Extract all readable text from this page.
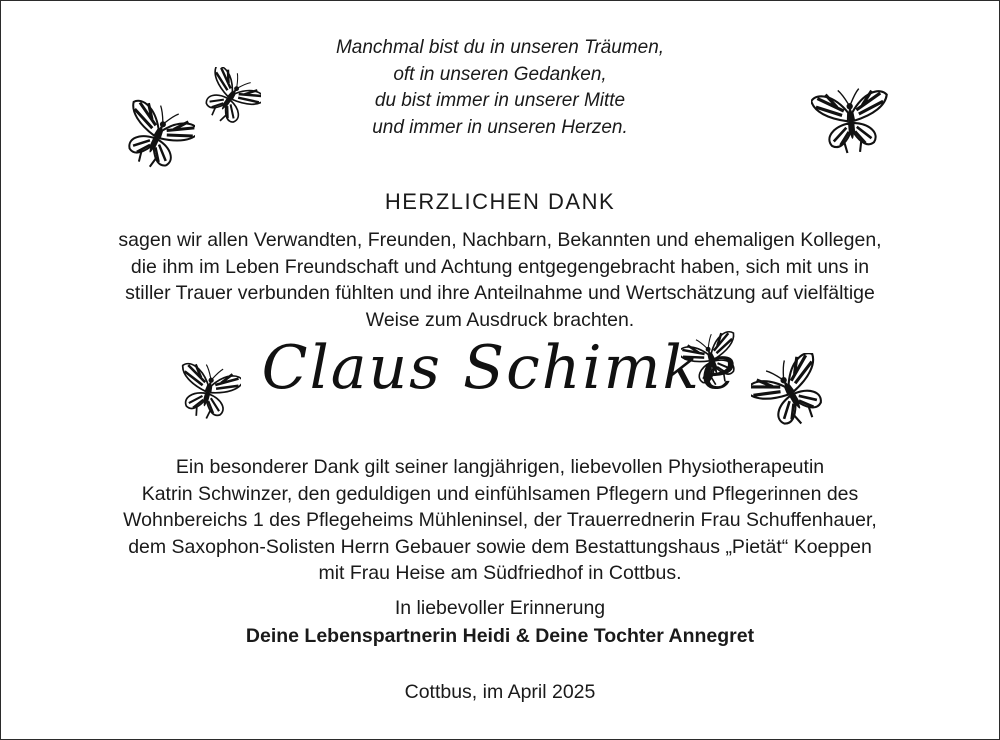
Manchmal bist du in unseren Träumen,
oft in unseren Gedanken,
du bist immer in unserer Mitte
und immer in unseren Herzen.
HERZLICHEN DANK
sagen wir allen Verwandten, Freunden, Nachbarn, Bekannten und ehemaligen Kollegen,
die ihm im Leben Freundschaft und Achtung entgegengebracht haben, sich mit uns in
stiller Trauer verbunden fühlten und ihre Anteilnahme und Wertschätzung auf vielfältige
Weise zum Ausdruck brachten.
Claus Schimke
Ein besonderer Dank gilt seiner langjährigen, liebevollen Physiotherapeutin
Katrin Schwinzer, den geduldigen und einfühlsamen Pflegern und Pflegerinnen des
Wohnbereichs 1 des Pflegeheims Mühleninsel, der Trauerrednerin Frau Schuffenhauer,
dem Saxophon-Solisten Herrn Gebauer sowie dem Bestattungshaus „Pietät“ Koeppen
mit Frau Heise am Südfriedhof in Cottbus.
In liebevoller Erinnerung
Deine Lebenspartnerin Heidi & Deine Tochter Annegret
Cottbus, im April 2025
